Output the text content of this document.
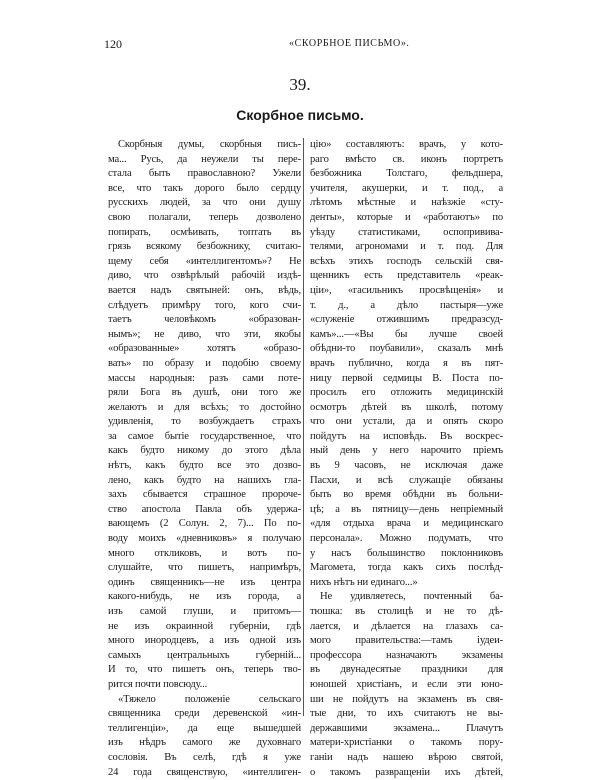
120	«СКОРБНОЕ ПИСЬМО».
39.
Скорбное письмо.
Скорбныя думы, скорбныя пись-
ма... Русь, да неужели ты пере-
стала быть православною? Ужели
все, что такъ дорого было сердцу
русскихъ людей, за что они душу
свою полагали, теперь дозволено
попирать, осмѣивать, топтать въ
грязь всякому безбожнику, считаю-
щему себя «интеллигентомъ»? Не
диво, что озвѣрѣлый рабочій издѣ-
вается надъ святыней: онъ, вѣдь,
слѣдуетъ примѣру того, кого счи-
таетъ человѣкомъ «образован-
нымъ»; не диво, что эти, якобы
«образованные» хотятъ «образо-
вать» по образу и подобію своему
массы народныя: разъ сами поте-
ряли Бога въ душѣ, они того же
желаютъ и для всѣхъ; то достойно
удивленія, то возбуждаетъ страхъ
за самое бытіе государственное, что
какъ будто никому до этого дѣла
нѣтъ, какъ будто все это дозво-
лено, какъ будто на нашихъ гла-
захъ сбывается страшное пророче-
ство апостола Павла объ удержа-
вающемъ (2 Солун. 2, 7)... По по-
воду моихъ «дневниковъ» я получаю
много откликовъ, и вотъ по-
слушайте, что пишетъ, напримѣръ,
одинъ священникъ—не изъ центра
какого-нибудь, не изъ города, а
изъ самой глуши, и притомъ—
не изъ окраинной губерніи, гдѣ
много инородцевъ, а изъ одной изъ
самыхъ центральныхъ губерній...
И то, что пишетъ онъ, теперь тво-
рится почти повсюду...
«Тяжело положеніе сельскаго
священника среди деревенской «ин-
теллигенціи», да еще вышедшей
изъ нѣдръ самого же духовнаго
сословія. Въ селѣ, гдѣ я уже
24 года священствую, «интеллиген-
цію» составляютъ: врачъ, у кото-
раго вмѣсто св. иконъ портретъ
безбожника Толстаго, фельдшера,
учителя, акушерки, и т. под., а
лѣтомъ мѣстные и наѣзжіе «сту-
денты», которые и «работаютъ» по
уѣзду статистиками, оспопривива-
телями, агрономами и т. под. Для
всѣхъ этихъ господъ сельскій свя-
щенникъ есть представитель «реак-
ціи», «гасильникъ просвѣщенія» и
т. д., а дѣло пастыря—уже
«служеніе отжившимъ предразсуд-
камъ»...—«Вы бы лучше своей
обѣдни-то поубавили», сказалъ мнѣ
врачъ публично, когда я въ пят-
ницу первой седмицы В. Поста по-
просилъ его отложить медицинскій
осмотръ дѣтей въ школѣ, потому
что они устали, да и опять скоро
пойдутъ на исповѣдь. Въ воскрес-
ный день у него нарочито пріемъ
въ 9 часовъ, не исключая даже
Пасхи, и всѣ служащіе обязаны
быть во время обѣдни въ больни-
цѣ; а въ пятницу—день непріемный
«для отдыха врача и медицинскаго
персонала». Можно подумать, что
у насъ большинство поклонниковъ
Магомета, тогда какъ сихъ послѣд-
нихъ нѣтъ ни единаго...»
Не удивляетесь, почтенный ба-
тюшка: въ столицѣ и не то дѣ-
лается, и дѣлается на глазахъ са-
мого правительства:—тамъ іудеи-
профессора назначаютъ экзамены
въ двунадесятые праздники для
юношей христіанъ, и если эти юно-
ши не пойдутъ на экзаменъ въ свя-
тые дни, то ихъ считаютъ не вы-
державшими экзамена... Плачутъ
матери-христіанки о такомъ пору-
ганіи надъ нашею вѣрою святой,
о такомъ развращеніи ихъ дѣтей,
